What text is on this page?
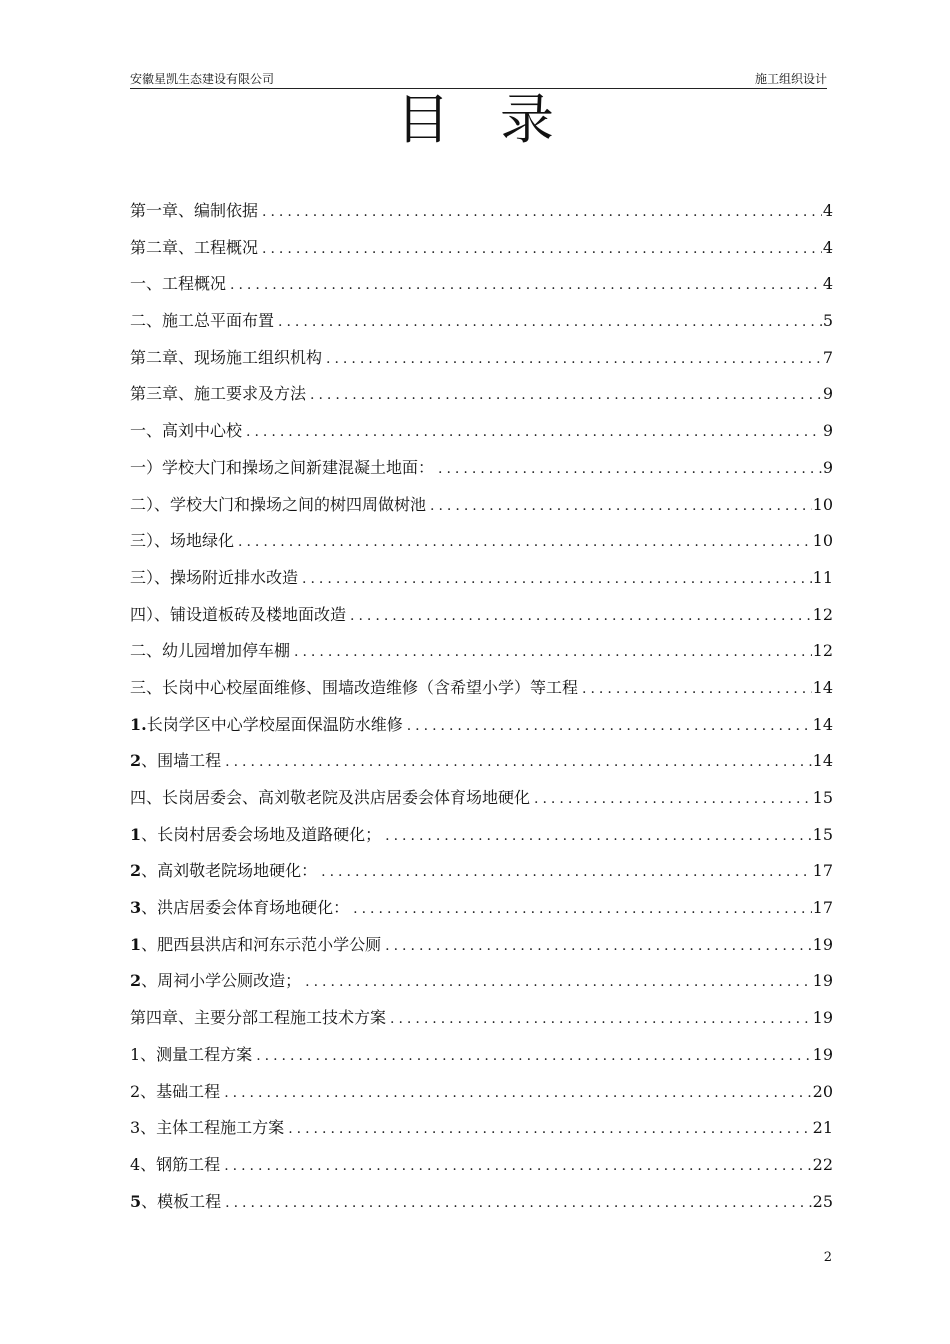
安徽星凯生态建设有限公司	施工组织设计
目录
第一章、编制依据 .....	4
第二章、工程概况 .....	4
一、工程概况 .....	4
二、施工总平面布置 .....	5
第二章、现场施工组织机构 .....	7
第三章、施工要求及方法 .....	9
一、高刘中心校 .....	9
一）学校大门和操场之间新建混凝土地面： .....	9
二）、学校大门和操场之间的树四周做树池 .....	10
三）、场地绿化 .....	10
三）、操场附近排水改造 .....	11
四）、铺设道板砖及楼地面改造 .....	12
二、幼儿园增加停车棚 .....	12
三、长岗中心校屋面维修、围墙改造维修（含希望小学）等工程 .....	14
1.长岗学区中心学校屋面保温防水维修 .....	14
2、围墙工程 .....	14
四、长岗居委会、高刘敬老院及洪店居委会体育场地硬化 .....	15
1、长岗村居委会场地及道路硬化； .....	15
2、高刘敬老院场地硬化： .....	17
3、洪店居委会体育场地硬化： .....	17
1、肥西县洪店和河东示范小学公厕 .....	19
2、周祠小学公厕改造； .....	19
第四章、主要分部工程施工技术方案 .....	19
1、测量工程方案 .....	19
2、基础工程 .....	20
3、主体工程施工方案 .....	21
4、钢筋工程 .....	22
5、模板工程 .....	25
2
